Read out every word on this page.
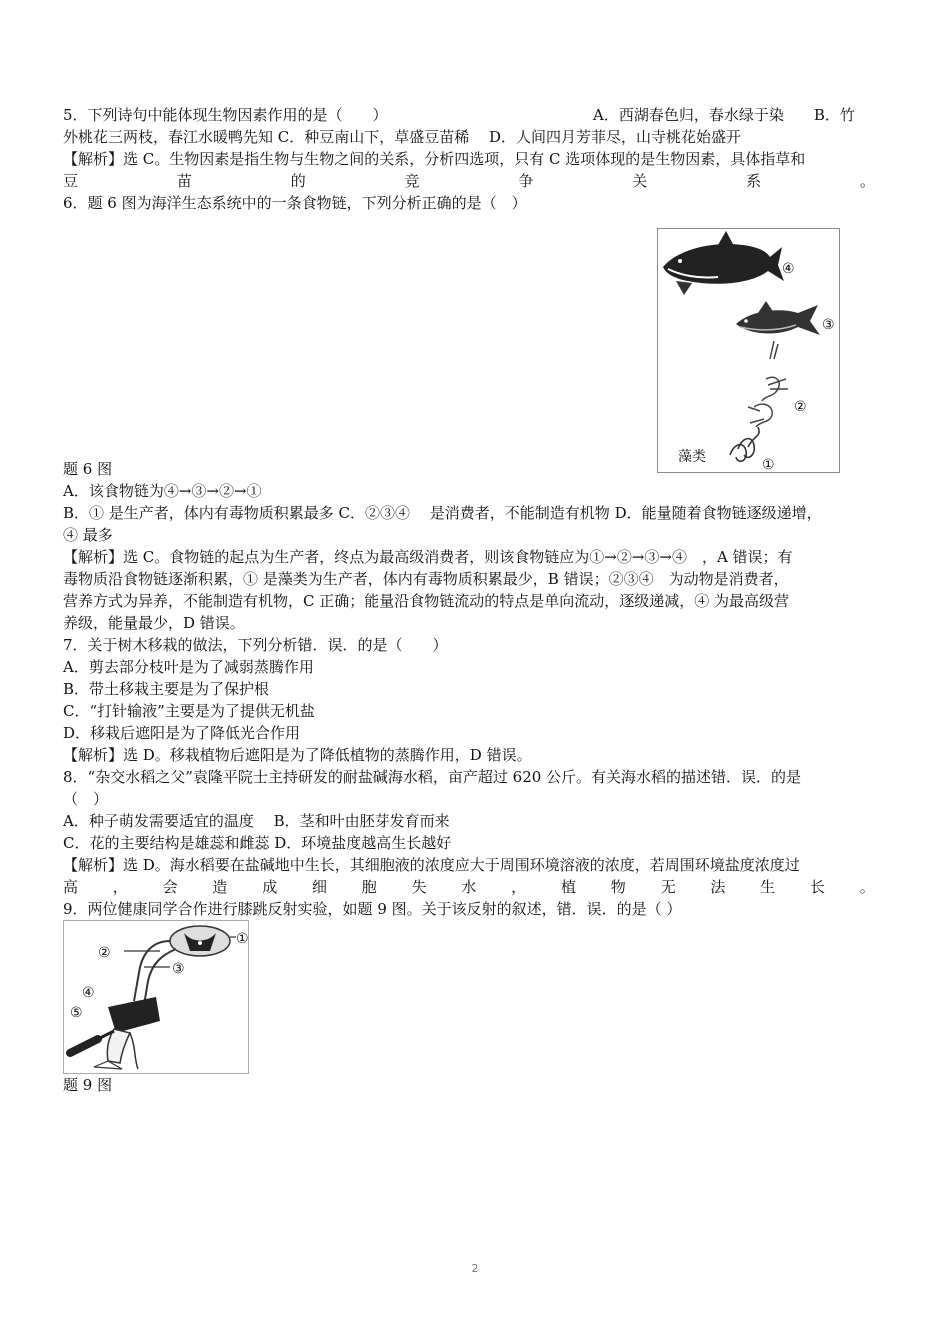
5．下列诗句中能体现生物因素作用的是（　　）	A．西湖春色归，春水绿于染　　B．竹
外桃花三两枝，春江水暖鸭先知 C．种豆南山下，草盛豆苗稀　 D．人间四月芳菲尽，山寺桃花始盛开
【解析】选 C。生物因素是指生物与生物之间的关系，分析四选项，只有 C 选项体现的是生物因素，具体指草和
豆	苗	的	竞	争	关	系	。
6．题 6 图为海洋生态系统中的一条食物链，下列分析正确的是（　）
藻类
④
③
②
①
题 6 图
A．该食物链为④→③→②→①
B．① 是生产者，体内有毒物质积累最多 C．②③④　 是消费者，不能制造有机物 D．能量随着食物链逐级递增，
④ 最多
【解析】选 C。食物链的起点为生产者，终点为最高级消费者，则该食物链应为①→②→③→④　，A 错误；有
毒物质沿食物链逐渐积累，① 是藻类为生产者，体内有毒物质积累最少，B 错误；②③④　为动物是消费者，
营养方式为异养，不能制造有机物，C 正确；能量沿食物链流动的特点是单向流动，逐级递减，④ 为最高级营
养级，能量最少，D 错误。
7．关于树木移栽的做法，下列分析错．误．的是（　　）
A．剪去部分枝叶是为了减弱蒸腾作用
B．带土移栽主要是为了保护根
C．“打针输液”主要是为了提供无机盐
D．移栽后遮阳是为了降低光合作用
【解析】选 D。移栽植物后遮阳是为了降低植物的蒸腾作用，D 错误。
8．“杂交水稻之父”袁隆平院士主持研发的耐盐碱海水稻，亩产超过 620 公斤。有关海水稻的描述错．误．的是
（　）
A．种子萌发需要适宜的温度　 B．茎和叶由胚芽发育而来
C．花的主要结构是雄蕊和雌蕊 D．环境盐度越高生长越好
【解析】选 D。海水稻要在盐碱地中生长，其细胞液的浓度应大于周围环境溶液的浓度，若周围环境盐度浓度过
高 ， 会 造 成 细 胞 失 水 ， 植 物 无 法 生 长 。
9．两位健康同学合作进行膝跳反射实验，如题 9 图。关于该反射的叙述，错．误．的是（ ）
①
②
③
④
⑤
题 9 图
2
